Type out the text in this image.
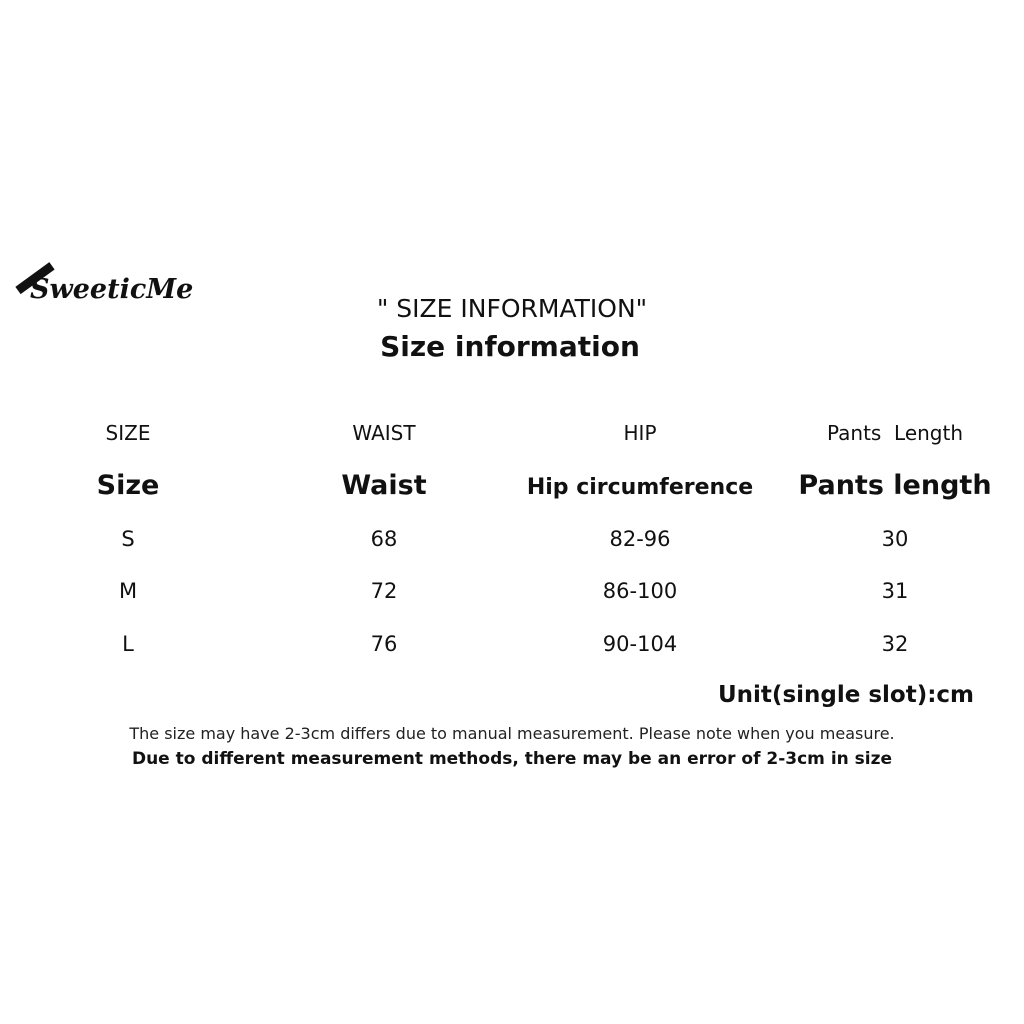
SweeticMe
" SIZE INFORMATION"
Size information
SIZE	WAIST	HIP	Pants  Length
Size	Waist	Hip circumference	Pants length
S	68	82-96	30
M	72	86-100	31
L	76	90-104	32
Unit(single slot):cm
The size may have 2-3cm differs due to manual measurement. Please note when you measure.
Due to different measurement methods, there may be an error of 2-3cm in size
